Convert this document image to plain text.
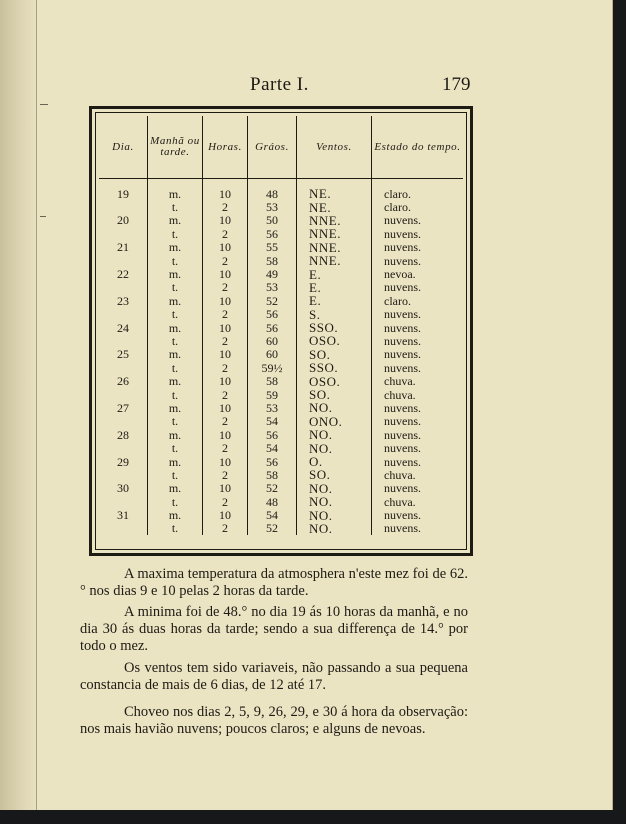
Parte I.	179
Dia.	Manhã ou tarde.	Horas.	Gráos.	Ventos.	Estado do tempo.
19	m.	10	48	NE.	claro.
	t.	2	53	NE.	claro.
20	m.	10	50	NNE.	nuvens.
	t.	2	56	NNE.	nuvens.
21	m.	10	55	NNE.	nuvens.
	t.	2	58	NNE.	nuvens.
22	m.	10	49	E.	nevoa.
	t.	2	53	E.	nuvens.
23	m.	10	52	E.	claro.
	t.	2	56	S.	nuvens.
24	m.	10	56	SSO.	nuvens.
	t.	2	60	OSO.	nuvens.
25	m.	10	60	SO.	nuvens.
	t.	2	59½	SSO.	nuvens.
26	m.	10	58	OSO.	chuva.
	t.	2	59	SO.	chuva.
27	m.	10	53	NO.	nuvens.
	t.	2	54	ONO.	nuvens.
28	m.	10	56	NO.	nuvens.
	t.	2	54	NO.	nuvens.
29	m.	10	56	O.	nuvens.
	t.	2	58	SO.	chuva.
30	m.	10	52	NO.	nuvens.
	t.	2	48	NO.	chuva.
31	m.	10	54	NO.	nuvens.
	t.	2	52	NO.	nuvens.

A maxima temperatura da atmosphera n'este mez foi de 62.° nos dias 9 e 10 pelas 2 horas da tarde.

A minima foi de 48.° no dia 19 ás 10 horas da manhã, e no dia 30 ás duas horas da tarde; sendo a sua differença de 14.° por todo o mez.

Os ventos tem sido variaveis, não passando a sua pequena constancia de mais de 6 dias, de 12 até 17.

Choveo nos dias 2, 5, 9, 26, 29, e 30 á hora da observação: nos mais havião nuvens; poucos claros; e alguns de nevoas.
